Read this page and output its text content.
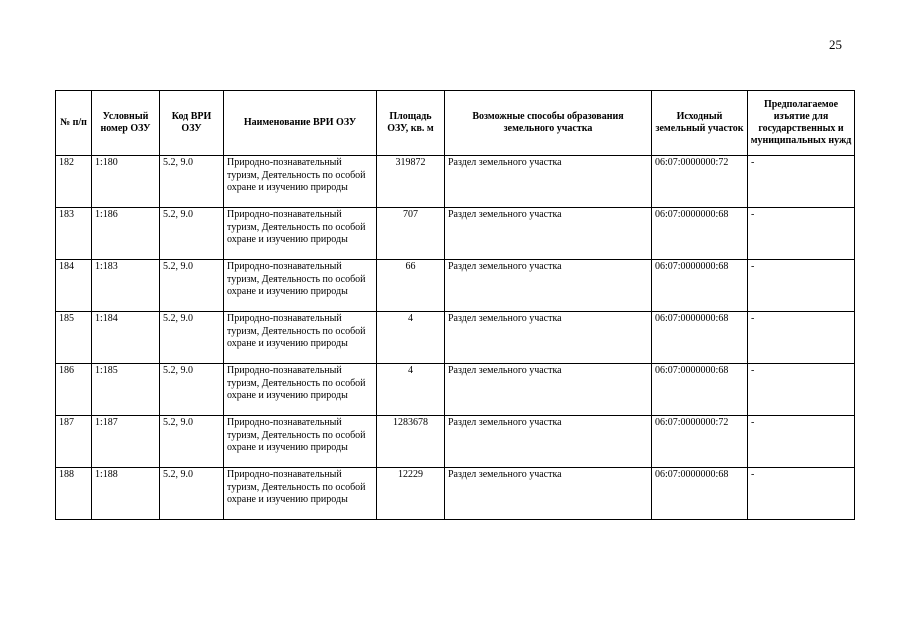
25
№ п/п	Условный номер ОЗУ	Код ВРИ ОЗУ	Наименование ВРИ ОЗУ	Площадь ОЗУ, кв. м	Возможные способы образования земельного участка	Исходный земельный участок	Предполагаемое изъятие для государственных и муниципальных нужд
182	1:180	5.2, 9.0	Природно-познавательный туризм, Деятельность по особой охране и изучению природы	319872	Раздел земельного участка	06:07:0000000:72	-
183	1:186	5.2, 9.0	Природно-познавательный туризм, Деятельность по особой охране и изучению природы	707	Раздел земельного участка	06:07:0000000:68	-
184	1:183	5.2, 9.0	Природно-познавательный туризм, Деятельность по особой охране и изучению природы	66	Раздел земельного участка	06:07:0000000:68	-
185	1:184	5.2, 9.0	Природно-познавательный туризм, Деятельность по особой охране и изучению природы	4	Раздел земельного участка	06:07:0000000:68	-
186	1:185	5.2, 9.0	Природно-познавательный туризм, Деятельность по особой охране и изучению природы	4	Раздел земельного участка	06:07:0000000:68	-
187	1:187	5.2, 9.0	Природно-познавательный туризм, Деятельность по особой охране и изучению природы	1283678	Раздел земельного участка	06:07:0000000:72	-
188	1:188	5.2, 9.0	Природно-познавательный туризм, Деятельность по особой охране и изучению природы	12229	Раздел земельного участка	06:07:0000000:68	-
